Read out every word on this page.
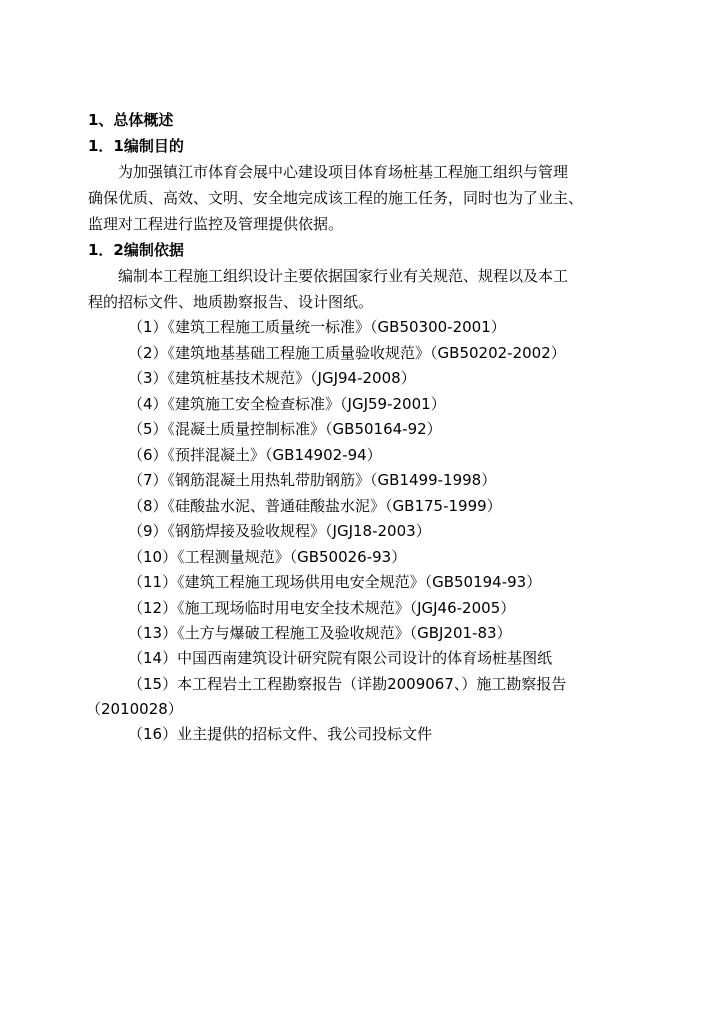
1、总体概述
1．1编制目的
为加强镇江市体育会展中心建设项目体育场桩基工程施工组织与管理
确保优质、高效、文明、安全地完成该工程的施工任务，同时也为了业主、
监理对工程进行监控及管理提供依据。
1．2编制依据
编制本工程施工组织设计主要依据国家行业有关规范、规程以及本工
程的招标文件、地质勘察报告、设计图纸。
（1）《建筑工程施工质量统一标准》（GB50300-2001）
（2）《建筑地基基础工程施工质量验收规范》（GB50202-2002）
（3）《建筑桩基技术规范》（JGJ94-2008）
（4）《建筑施工安全检查标准》（JGJ59-2001）
（5）《混凝土质量控制标准》（GB50164-92）
（6）《预拌混凝土》（GB14902-94）
（7）《钢筋混凝土用热轧带肋钢筋》（GB1499-1998）
（8）《硅酸盐水泥、普通硅酸盐水泥》（GB175-1999）
（9）《钢筋焊接及验收规程》（JGJ18-2003）
（10）《工程测量规范》（GB50026-93）
（11）《建筑工程施工现场供用电安全规范》（GB50194-93）
（12）《施工现场临时用电安全技术规范》（JGJ46-2005）
（13）《土方与爆破工程施工及验收规范》（GBJ201-83）
（14）中国西南建筑设计研究院有限公司设计的体育场桩基图纸
（15）本工程岩土工程勘察报告（详勘2009067、）施工勘察报告
（2010028）
（16）业主提供的招标文件、我公司投标文件
